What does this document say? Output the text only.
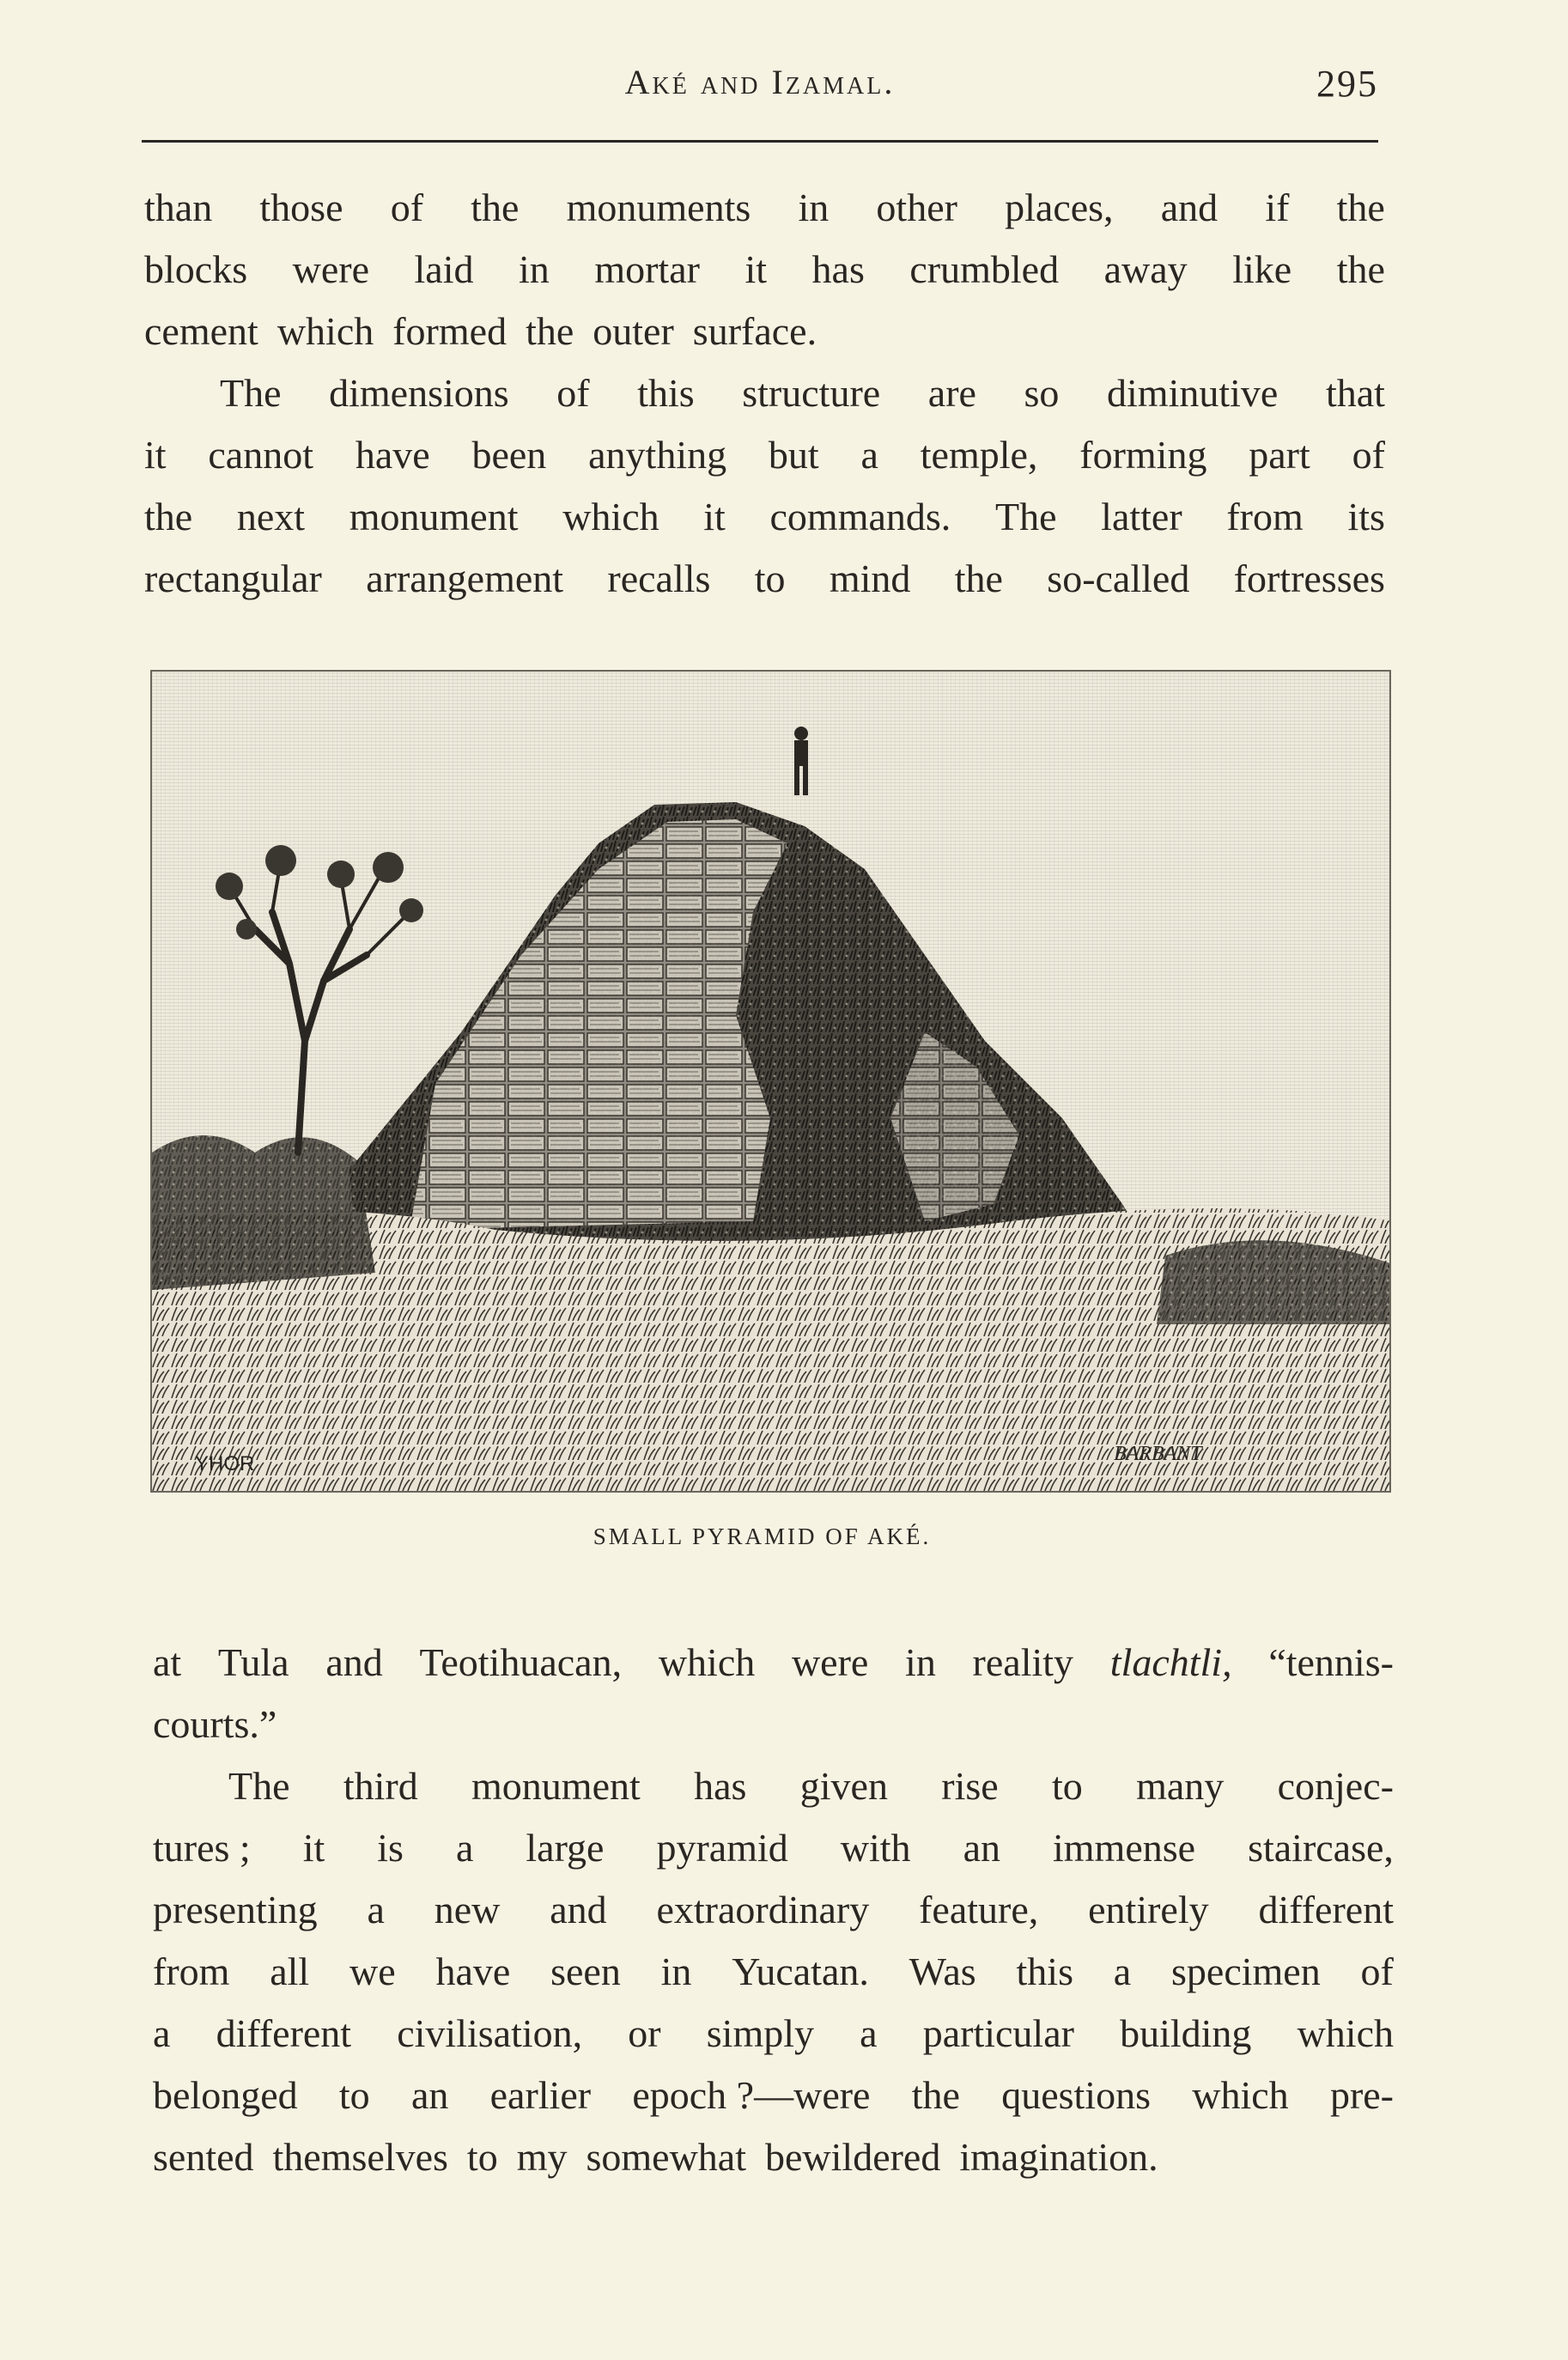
Aké and Izamal.	295
than those of the monuments in other places, and if the
blocks were laid in mortar it has crumbled away like the
cement which formed the outer surface.
The dimensions of this structure are so diminutive that
it cannot have been anything but a temple, forming part of
the next monument which it commands. The latter from its
rectangular arrangement recalls to mind the so-called fortresses
YHOR	BARBANT
SMALL PYRAMID OF AKÉ.
at Tula and Teotihuacan, which were in reality tlachtli, “tennis-
courts.”
The third monument has given rise to many conjec-
tures ; it is a large pyramid with an immense staircase,
presenting a new and extraordinary feature, entirely different
from all we have seen in Yucatan. Was this a specimen of
a different civilisation, or simply a particular building which
belonged to an earlier epoch ?—were the questions which pre-
sented themselves to my somewhat bewildered imagination.
